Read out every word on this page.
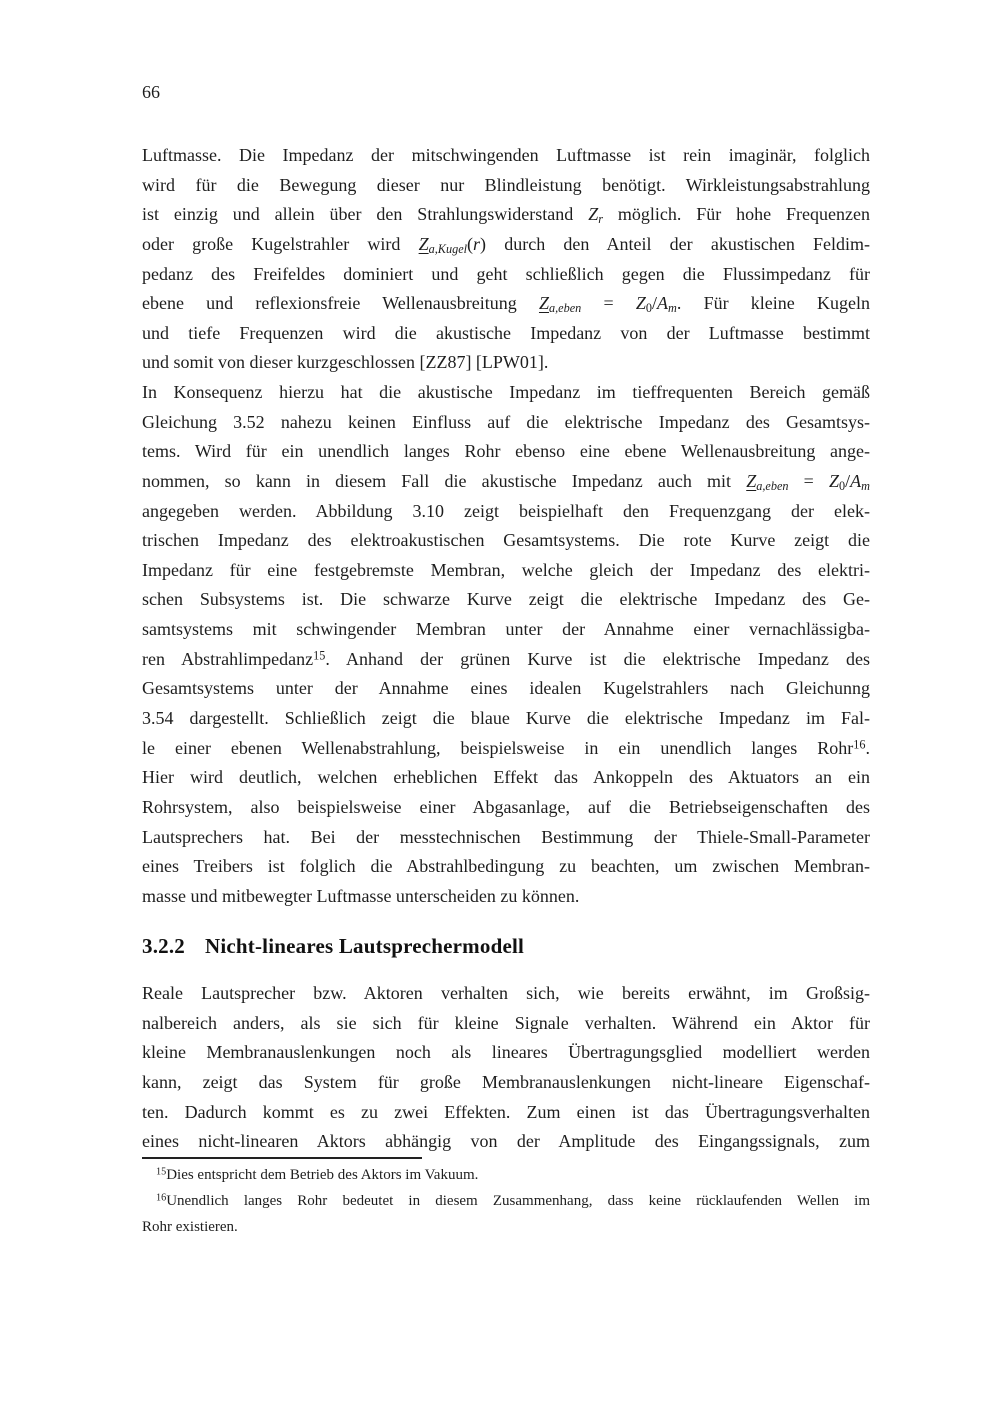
66
Luftmasse. Die Impedanz der mitschwingenden Luftmasse ist rein imaginär, folglich
wird für die Bewegung dieser nur Blindleistung benötigt. Wirkleistungsabstrahlung
ist einzig und allein über den Strahlungswiderstand $Z_r$ möglich. Für hohe Frequenzen
oder große Kugelstrahler wird $Z_{a,Kugel}(r)$ durch den Anteil der akustischen Feldim-
pedanz des Freifeldes dominiert und geht schließlich gegen die Flussimpedanz für
ebene und reflexionsfreie Wellenausbreitung $Z_{a,eben} = Z_0/A_m$. Für kleine Kugeln
und tiefe Frequenzen wird die akustische Impedanz von der Luftmasse bestimmt
und somit von dieser kurzgeschlossen [ZZ87] [LPW01].
In Konsequenz hierzu hat die akustische Impedanz im tieffrequenten Bereich gemäß
Gleichung 3.52 nahezu keinen Einfluss auf die elektrische Impedanz des Gesamtsys-
tems. Wird für ein unendlich langes Rohr ebenso eine ebene Wellenausbreitung ange-
nommen, so kann in diesem Fall die akustische Impedanz auch mit $Z_{a,eben} = Z_0/A_m$
angegeben werden. Abbildung 3.10 zeigt beispielhaft den Frequenzgang der elek-
trischen Impedanz des elektroakustischen Gesamtsystems. Die rote Kurve zeigt die
Impedanz für eine festgebremste Membran, welche gleich der Impedanz des elektri-
schen Subsystems ist. Die schwarze Kurve zeigt die elektrische Impedanz des Ge-
samtsystems mit schwingender Membran unter der Annahme einer vernachlässigba-
ren Abstrahlimpedanz$^{15}$. Anhand der grünen Kurve ist die elektrische Impedanz des
Gesamtsystems unter der Annahme eines idealen Kugelstrahlers nach Gleichunng
3.54 dargestellt. Schließlich zeigt die blaue Kurve die elektrische Impedanz im Fal-
le einer ebenen Wellenabstrahlung, beispielsweise in ein unendlich langes Rohr$^{16}$.
Hier wird deutlich, welchen erheblichen Effekt das Ankoppeln des Aktuators an ein
Rohrsystem, also beispielsweise einer Abgasanlage, auf die Betriebseigenschaften des
Lautsprechers hat. Bei der messtechnischen Bestimmung der Thiele-Small-Parameter
eines Treibers ist folglich die Abstrahlbedingung zu beachten, um zwischen Membran-
masse und mitbewegter Luftmasse unterscheiden zu können.
3.2.2 Nicht-lineares Lautsprechermodell
Reale Lautsprecher bzw. Aktoren verhalten sich, wie bereits erwähnt, im Großsig-
nalbereich anders, als sie sich für kleine Signale verhalten. Während ein Aktor für
kleine Membranauslenkungen noch als lineares Übertragungsglied modelliert werden
kann, zeigt das System für große Membranauslenkungen nicht-lineare Eigenschaf-
ten. Dadurch kommt es zu zwei Effekten. Zum einen ist das Übertragungsverhalten
eines nicht-linearen Aktors abhängig von der Amplitude des Eingangssignals, zum
$^{15}$Dies entspricht dem Betrieb des Aktors im Vakuum.
$^{16}$Unendlich langes Rohr bedeutet in diesem Zusammenhang, dass keine rücklaufenden Wellen im
Rohr existieren.
